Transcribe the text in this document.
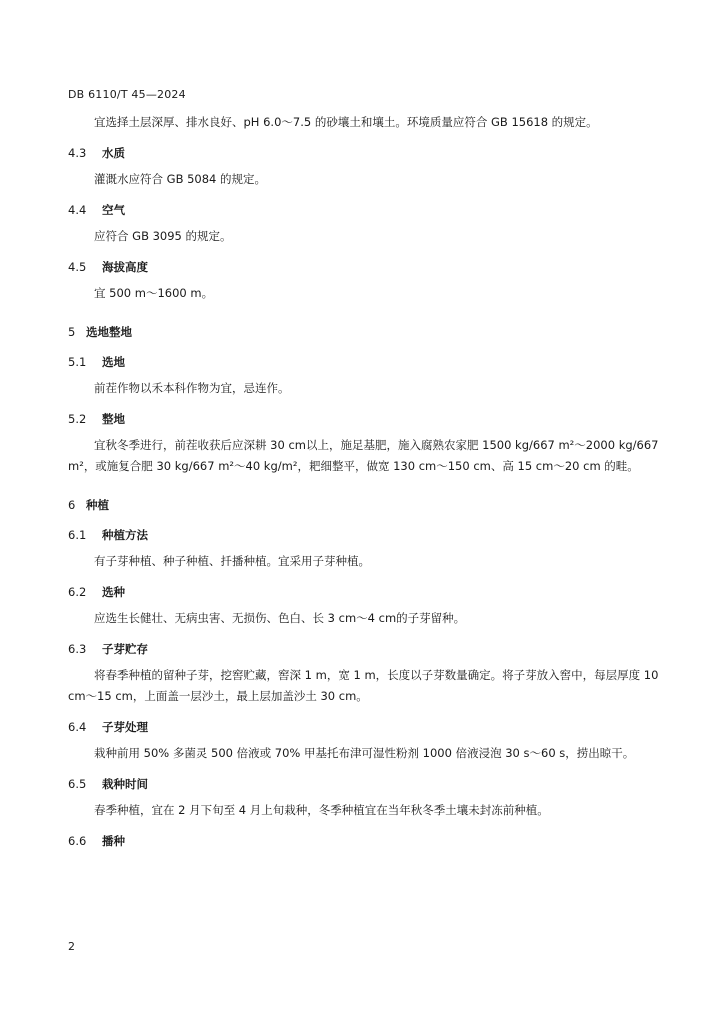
DB 6110/T 45—2024
宜选择土层深厚、排水良好、pH 6.0～7.5 的砂壤土和壤土。环境质量应符合 GB 15618 的规定。
4.3 水质
灌溉水应符合 GB 5084 的规定。
4.4 空气
应符合 GB 3095 的规定。
4.5 海拔高度
宜 500 m～1600 m。
5 选地整地
5.1 选地
前茬作物以禾本科作物为宜，忌连作。
5.2 整地
宜秋冬季进行，前茬收获后应深耕 30 cm以上，施足基肥，施入腐熟农家肥 1500 kg/667 m²～2000 kg/667 m²，或施复合肥 30 kg/667 m²～40 kg/m²，耙细整平，做宽 130 cm～150 cm、高 15 cm～20 cm 的畦。
6 种植
6.1 种植方法
有子芽种植、种子种植、扦播种植。宜采用子芽种植。
6.2 选种
应选生长健壮、无病虫害、无损伤、色白、长 3 cm～4 cm的子芽留种。
6.3 子芽贮存
将春季种植的留种子芽，挖窖贮藏，窖深 1 m，宽 1 m，长度以子芽数量确定。将子芽放入窖中，每层厚度 10 cm～15 cm，上面盖一层沙土，最上层加盖沙土 30 cm。
6.4 子芽处理
栽种前用 50% 多菌灵 500 倍液或 70% 甲基托布津可湿性粉剂 1000 倍液浸泡 30 s～60 s，捞出晾干。
6.5 栽种时间
春季种植，宜在 2 月下旬至 4 月上旬栽种，冬季种植宜在当年秋冬季土壤未封冻前种植。
6.6 播种
2
